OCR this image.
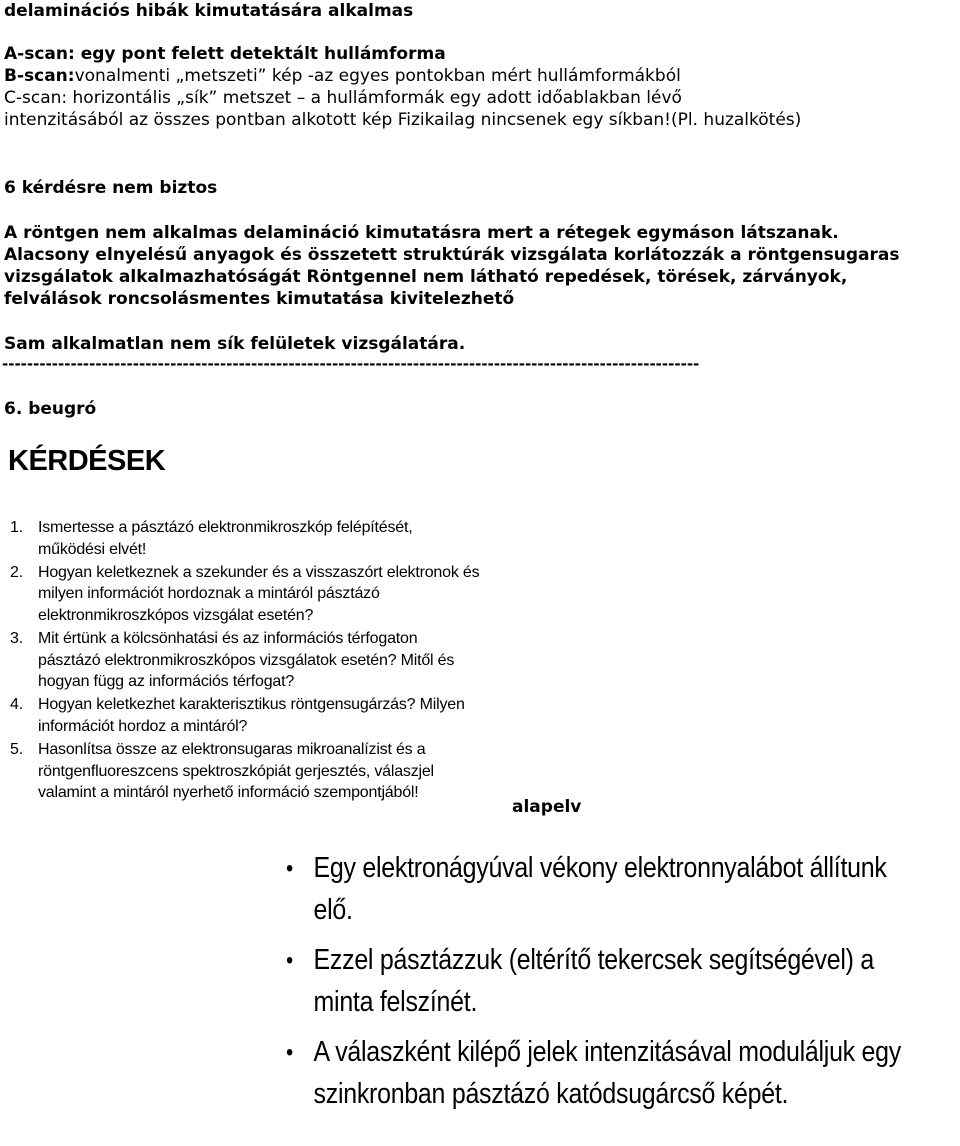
delaminációs hibák kimutatására alkalmas
A-scan: egy pont felett detektált hullámforma
B-scan:vonalmenti „metszeti” kép -az egyes pontokban mért hullámformákból
C-scan: horizontális „sík” metszet – a hullámformák egy adott időablakban lévő
intenzitásából az összes pontban alkotott kép Fizikailag nincsenek egy síkban!(Pl. huzalkötés)
6 kérdésre nem biztos
A röntgen nem alkalmas delamináció kimutatásra mert a rétegek egymáson látszanak.
Alacsony elnyelésű anyagok és összetett struktúrák vizsgálata korlátozzák a röntgensugaras
vizsgálatok alkalmazhatóságát Röntgennel nem látható repedések, törések, zárványok,
felválások roncsolásmentes kimutatása kivitelezhető
Sam alkalmatlan nem sík felületek vizsgálatára.
----------------------------------------------------------------------------------------------------------------
6. beugró
KÉRDÉSEK
1. Ismertesse a pásztázó elektronmikroszkóp felépítését,
működési elvét!
2. Hogyan keletkeznek a szekunder és a visszaszórt elektronok és
milyen információt hordoznak a mintáról pásztázó
elektronmikroszkópos vizsgálat esetén?
3. Mit értünk a kölcsönhatási és az információs térfogaton
pásztázó elektronmikroszkópos vizsgálatok esetén? Mitől és
hogyan függ az információs térfogat?
4. Hogyan keletkezhet karakterisztikus röntgensugárzás? Milyen
információt hordoz a mintáról?
5. Hasonlítsa össze az elektronsugaras mikroanalízist és a
röntgenfluoreszcens spektroszkópiát gerjesztés, válaszjel
valamint a mintáról nyerhető információ szempontjából!
alapelv
• Egy elektronágyúval vékony elektronnyalábot állítunk
elő.
• Ezzel pásztázzuk (eltérítő tekercsek segítségével) a
minta felszínét.
• A válaszként kilépő jelek intenzitásával moduláljuk egy
szinkronban pásztázó katódsugárcső képét.
